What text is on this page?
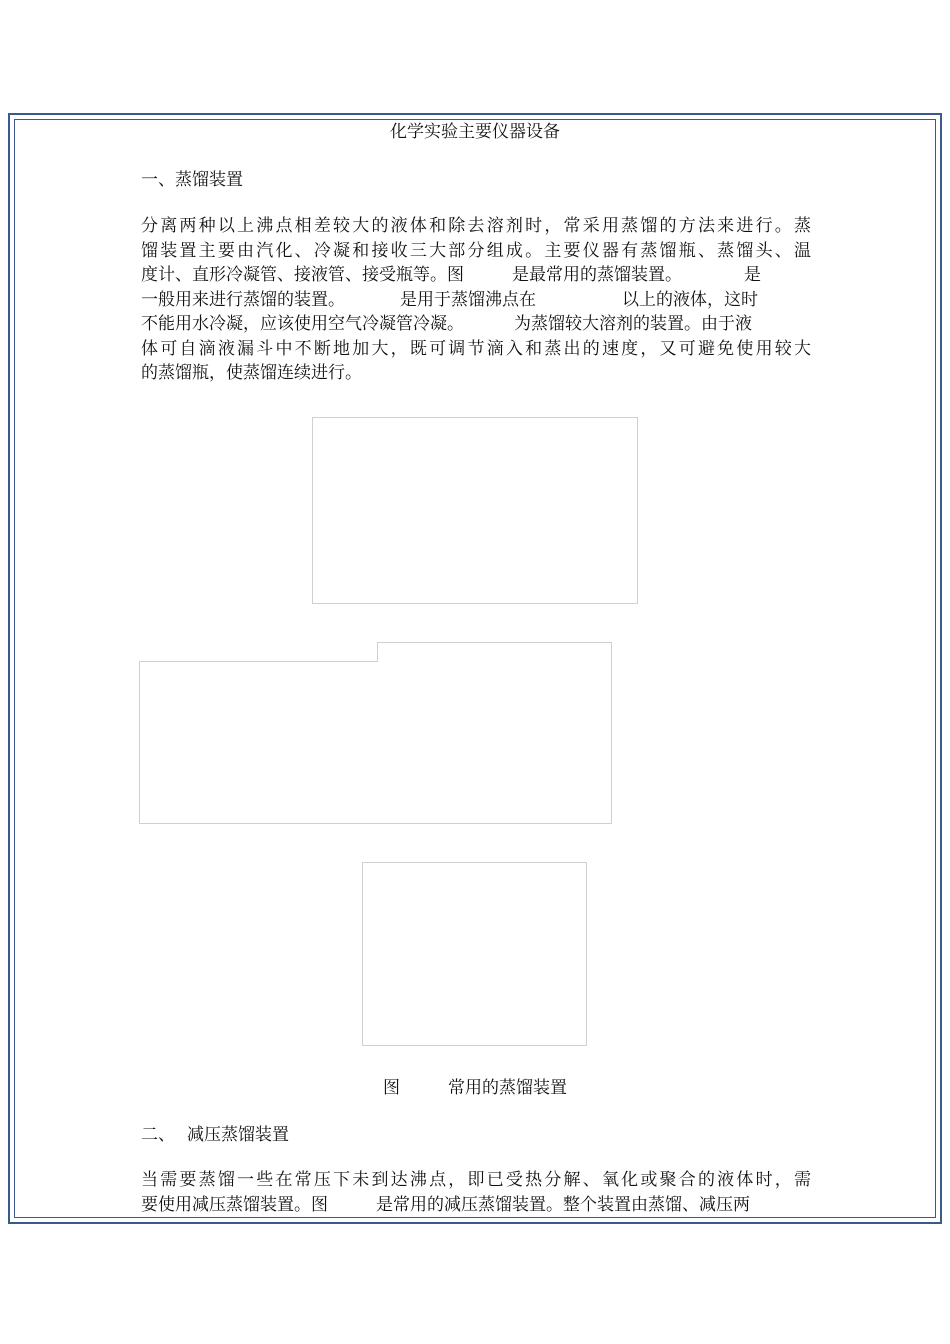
化学实验主要仪器设备
一、蒸馏装置
分离两种以上沸点相差较大的液体和除去溶剂时，常采用蒸馏的方法来进行。蒸
馏装置主要由汽化、冷凝和接收三大部分组成。主要仪器有蒸馏瓶、蒸馏头、温
度计、直形冷凝管、接液管、接受瓶等。图	是最常用的蒸馏装置。	是
一般用来进行蒸馏的装置。	是用于蒸馏沸点在	以上的液体，这时
不能用水冷凝，应该使用空气冷凝管冷凝。	为蒸馏较大溶剂的装置。由于液
体可自滴液漏斗中不断地加大，既可调节滴入和蒸出的速度，又可避免使用较大
的蒸馏瓶，使蒸馏连续进行。
图	常用的蒸馏装置
二、 减压蒸馏装置
当需要蒸馏一些在常压下未到达沸点，即已受热分解、氧化或聚合的液体时，需
要使用减压蒸馏装置。图	是常用的减压蒸馏装置。整个装置由蒸馏、减压两
